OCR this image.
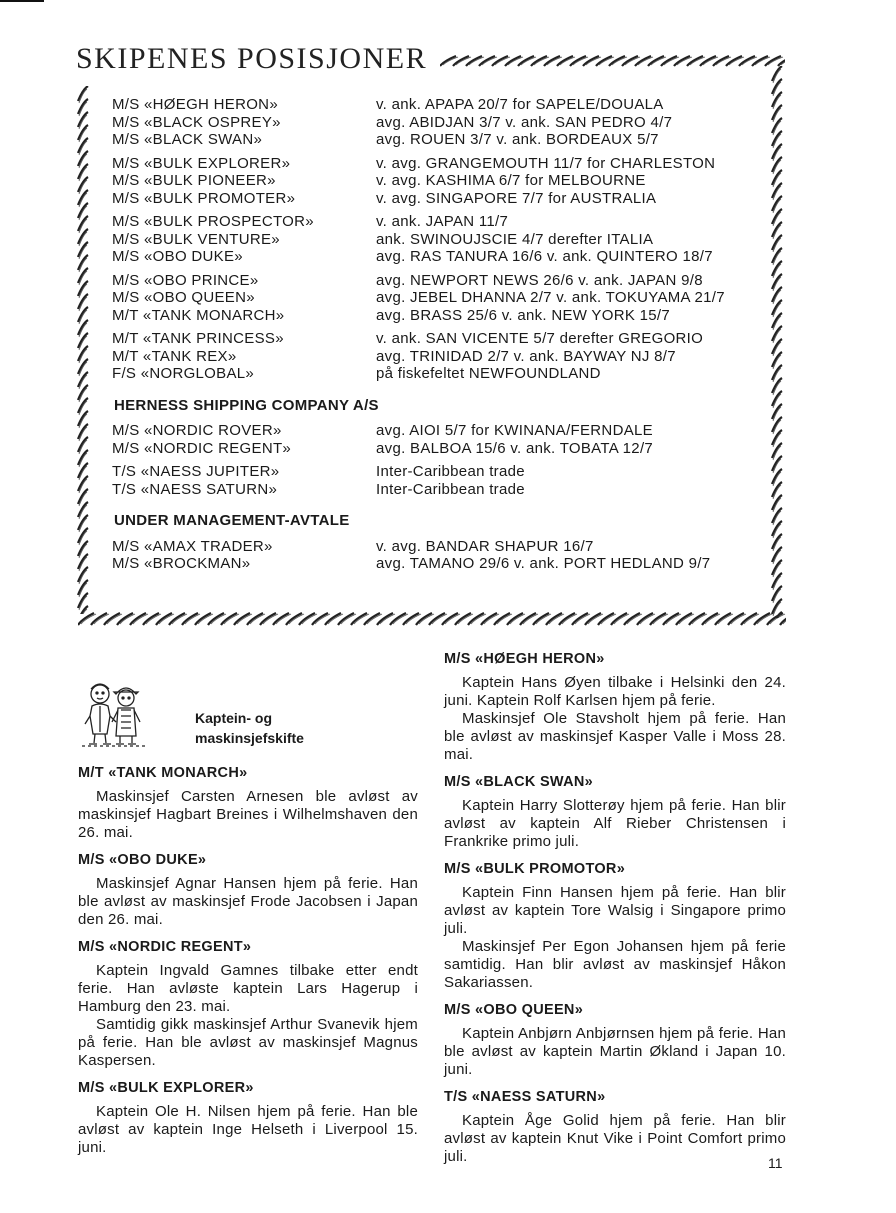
SKIPENES POSISJONER
M/S «HØEGH HERON»	v. ank. APAPA 20/7 for SAPELE/DOUALA
M/S «BLACK OSPREY»	avg. ABIDJAN 3/7 v. ank. SAN PEDRO 4/7
M/S «BLACK SWAN»	avg. ROUEN 3/7 v. ank. BORDEAUX 5/7
M/S «BULK EXPLORER»	v. avg. GRANGEMOUTH 11/7 for CHARLESTON
M/S «BULK PIONEER»	v. avg. KASHIMA 6/7 for MELBOURNE
M/S «BULK PROMOTER»	v. avg. SINGAPORE 7/7 for AUSTRALIA
M/S «BULK PROSPECTOR»	v. ank. JAPAN 11/7
M/S «BULK VENTURE»	ank. SWINOUJSCIE 4/7 derefter ITALIA
M/S «OBO DUKE»	avg. RAS TANURA 16/6 v. ank. QUINTERO 18/7
M/S «OBO PRINCE»	avg. NEWPORT NEWS 26/6 v. ank. JAPAN 9/8
M/S «OBO QUEEN»	avg. JEBEL DHANNA 2/7 v. ank. TOKUYAMA 21/7
M/T «TANK MONARCH»	avg. BRASS 25/6 v. ank. NEW YORK 15/7
M/T «TANK PRINCESS»	v. ank. SAN VICENTE 5/7 derefter GREGORIO
M/T «TANK REX»	avg. TRINIDAD 2/7 v. ank. BAYWAY NJ 8/7
F/S «NORGLOBAL»	på fiskefeltet NEWFOUNDLAND
HERNESS SHIPPING COMPANY A/S
M/S «NORDIC ROVER»	avg. AIOI 5/7 for KWINANA/FERNDALE
M/S «NORDIC REGENT»	avg. BALBOA 15/6 v. ank. TOBATA 12/7
T/S «NAESS JUPITER»	Inter-Caribbean trade
T/S «NAESS SATURN»	Inter-Caribbean trade
UNDER MANAGEMENT-AVTALE
M/S «AMAX TRADER»	v. avg. BANDAR SHAPUR 16/7
M/S «BROCKMAN»	avg. TAMANO 29/6 v. ank. PORT HEDLAND 9/7
Kaptein- og
maskinsjefskifte
M/T «TANK MONARCH»

Maskinsjef Carsten Arnesen ble avløst av maskinsjef Hagbart Breines i Wilhelmshaven den 26. mai.

M/S «OBO DUKE»

Maskinsjef Agnar Hansen hjem på ferie. Han ble avløst av maskinsjef Frode Jacobsen i Japan den 26. mai.

M/S «NORDIC REGENT»

Kaptein Ingvald Gamnes tilbake etter endt ferie. Han avløste kaptein Lars Hagerup i Hamburg den 23. mai.

Samtidig gikk maskinsjef Arthur Svanevik hjem på ferie. Han ble avløst av maskinsjef Magnus Kaspersen.

M/S «BULK EXPLORER»

Kaptein Ole H. Nilsen hjem på ferie. Han ble avløst av kaptein Inge Helseth i Liverpool 15. juni.

M/S «HØEGH HERON»

Kaptein Hans Øyen tilbake i Helsinki den 24. juni. Kaptein Rolf Karlsen hjem på ferie.

Maskinsjef Ole Stavsholt hjem på ferie. Han ble avløst av maskinsjef Kasper Valle i Moss 28. mai.

M/S «BLACK SWAN»

Kaptein Harry Slotterøy hjem på ferie. Han blir avløst av kaptein Alf Rieber Christensen i Frankrike primo juli.

M/S «BULK PROMOTOR»

Kaptein Finn Hansen hjem på ferie. Han blir avløst av kaptein Tore Walsig i Singapore primo juli.

Maskinsjef Per Egon Johansen hjem på ferie samtidig. Han blir avløst av maskinsjef Håkon Sakariassen.

M/S «OBO QUEEN»

Kaptein Anbjørn Anbjørnsen hjem på ferie. Han ble avløst av kaptein Martin Økland i Japan 10. juni.

T/S «NAESS SATURN»

Kaptein Åge Golid hjem på ferie. Han blir avløst av kaptein Knut Vike i Point Comfort primo juli.	11
